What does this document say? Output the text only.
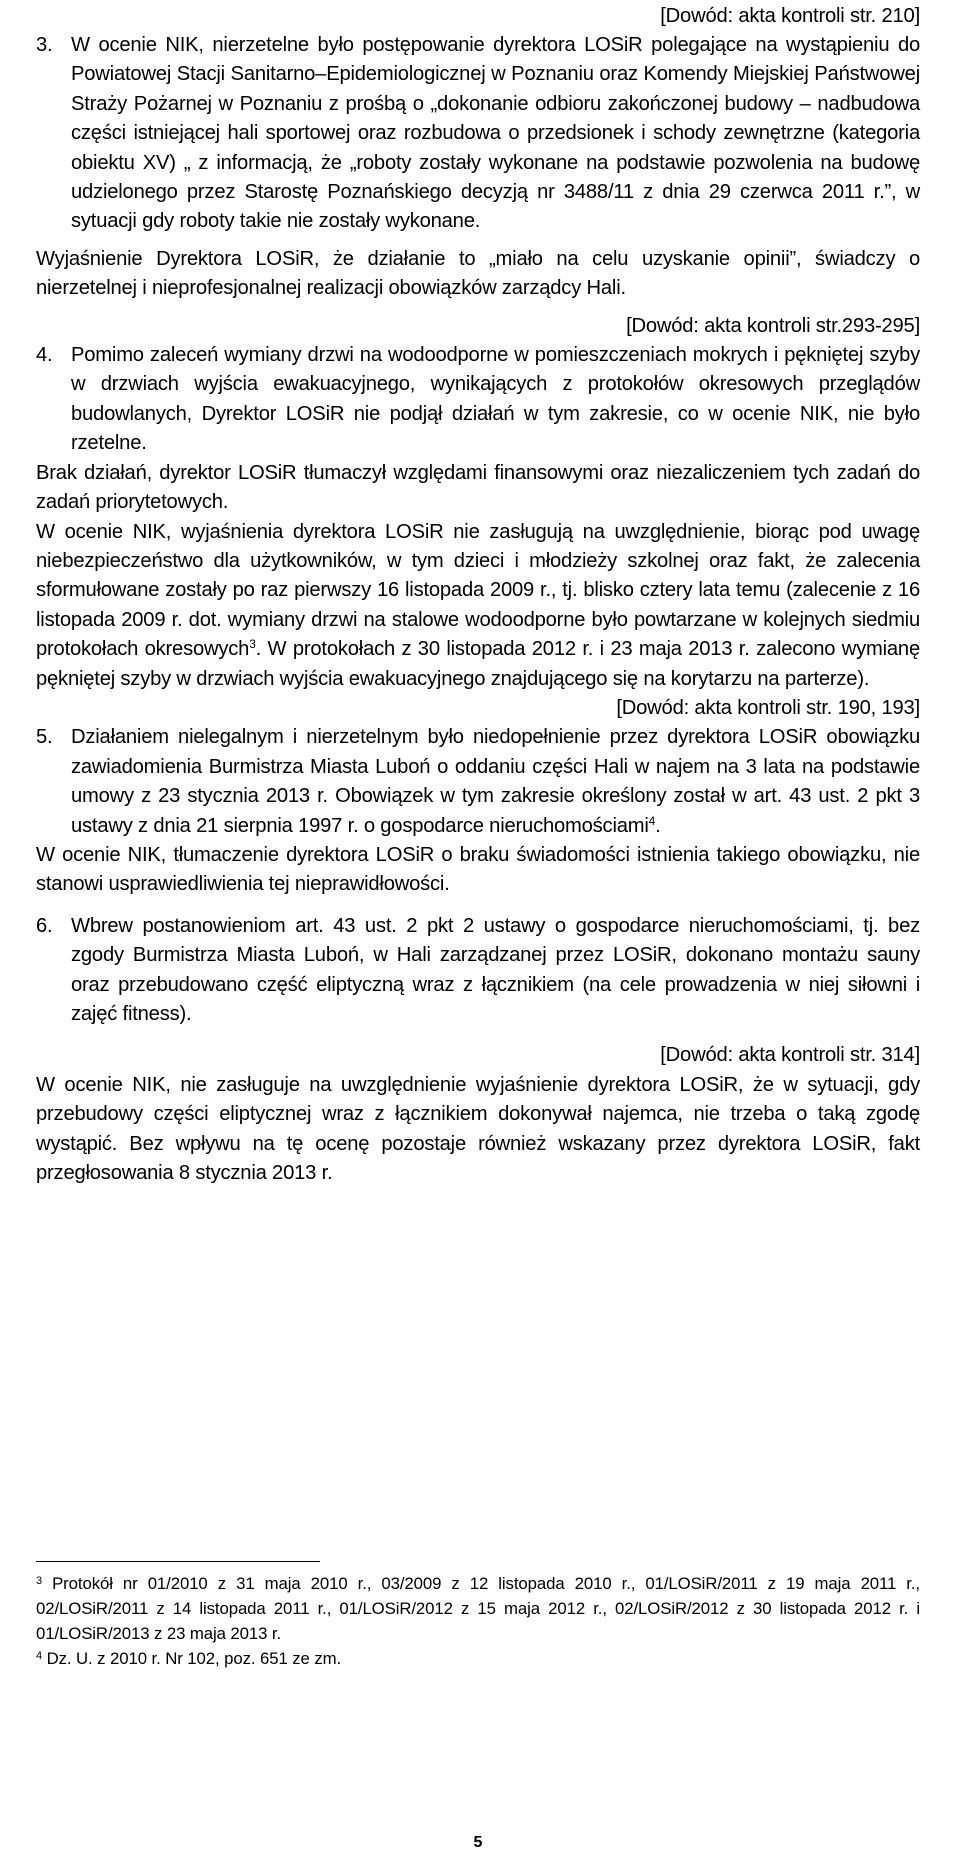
[Dowód: akta kontroli str. 210]

3. W ocenie NIK, nierzetelne było postępowanie dyrektora LOSiR polegające na wystąpieniu do Powiatowej Stacji Sanitarno–Epidemiologicznej w Poznaniu oraz Komendy Miejskiej Państwowej Straży Pożarnej w Poznaniu z prośbą o „dokonanie odbioru zakończonej budowy – nadbudowa części istniejącej hali sportowej oraz rozbudowa o przedsionek i schody zewnętrzne (kategoria obiektu XV) „ z informacją, że „roboty zostały wykonane na podstawie pozwolenia na budowę udzielonego przez Starostę Poznańskiego decyzją nr 3488/11 z dnia 29 czerwca 2011 r.”, w sytuacji gdy roboty takie nie zostały wykonane.

Wyjaśnienie Dyrektora LOSiR, że działanie to „miało na celu uzyskanie opinii”, świadczy o nierzetelnej i nieprofesjonalnej realizacji obowiązków zarządcy Hali.

[Dowód: akta kontroli str.293-295]

4. Pomimo zaleceń wymiany drzwi na wodoodporne w pomieszczeniach mokrych i pękniętej szyby w drzwiach wyjścia ewakuacyjnego, wynikających z protokołów okresowych przeglądów budowlanych, Dyrektor LOSiR nie podjął działań w tym zakresie, co w ocenie NIK, nie było rzetelne.

Brak działań, dyrektor LOSiR tłumaczył względami finansowymi oraz niezaliczeniem tych zadań do zadań priorytetowych.

W ocenie NIK, wyjaśnienia dyrektora LOSiR nie zasługują na uwzględnienie, biorąc pod uwagę niebezpieczeństwo dla użytkowników, w tym dzieci i młodzieży szkolnej oraz fakt, że zalecenia sformułowane zostały po raz pierwszy 16 listopada 2009 r., tj. blisko cztery lata temu (zalecenie z 16 listopada 2009 r. dot. wymiany drzwi na stalowe wodoodporne było powtarzane w kolejnych siedmiu protokołach okresowych$^3$. W protokołach z 30 listopada 2012 r. i 23 maja 2013 r. zalecono wymianę pękniętej szyby w drzwiach wyjścia ewakuacyjnego znajdującego się na korytarzu na parterze).

[Dowód: akta kontroli str. 190, 193]

5. Działaniem nielegalnym i nierzetelnym było niedopełnienie przez dyrektora LOSiR obowiązku zawiadomienia Burmistrza Miasta Luboń o oddaniu części Hali w najem na 3 lata na podstawie umowy z 23 stycznia 2013 r. Obowiązek w tym zakresie określony został w art. 43 ust. 2 pkt 3 ustawy z dnia 21 sierpnia 1997 r. o gospodarce nieruchomościami$^4$.

W ocenie NIK, tłumaczenie dyrektora LOSiR o braku świadomości istnienia takiego obowiązku, nie stanowi usprawiedliwienia tej nieprawidłowości.

6. Wbrew postanowieniom art. 43 ust. 2 pkt 2 ustawy o gospodarce nieruchomościami, tj. bez zgody Burmistrza Miasta Luboń, w Hali zarządzanej przez LOSiR, dokonano montażu sauny oraz przebudowano część eliptyczną wraz z łącznikiem (na cele prowadzenia w niej siłowni i zajęć fitness).

[Dowód: akta kontroli str. 314]

W ocenie NIK, nie zasługuje na uwzględnienie wyjaśnienie dyrektora LOSiR, że w sytuacji, gdy przebudowy części eliptycznej wraz z łącznikiem dokonywał najemca, nie trzeba o taką zgodę wystąpić. Bez wpływu na tę ocenę pozostaje również wskazany przez dyrektora LOSiR, fakt przegłosowania 8 stycznia 2013 r.

$^3$ Protokół nr 01/2010 z 31 maja 2010 r., 03/2009 z 12 listopada 2010 r., 01/LOSiR/2011 z 19 maja 2011 r., 02/LOSiR/2011 z 14 listopada 2011 r., 01/LOSiR/2012 z 15 maja 2012 r., 02/LOSiR/2012 z 30 listopada 2012 r. i 01/LOSiR/2013 z 23 maja 2013 r.

$^4$ Dz. U. z 2010 r. Nr 102, poz. 651 ze zm.

5
